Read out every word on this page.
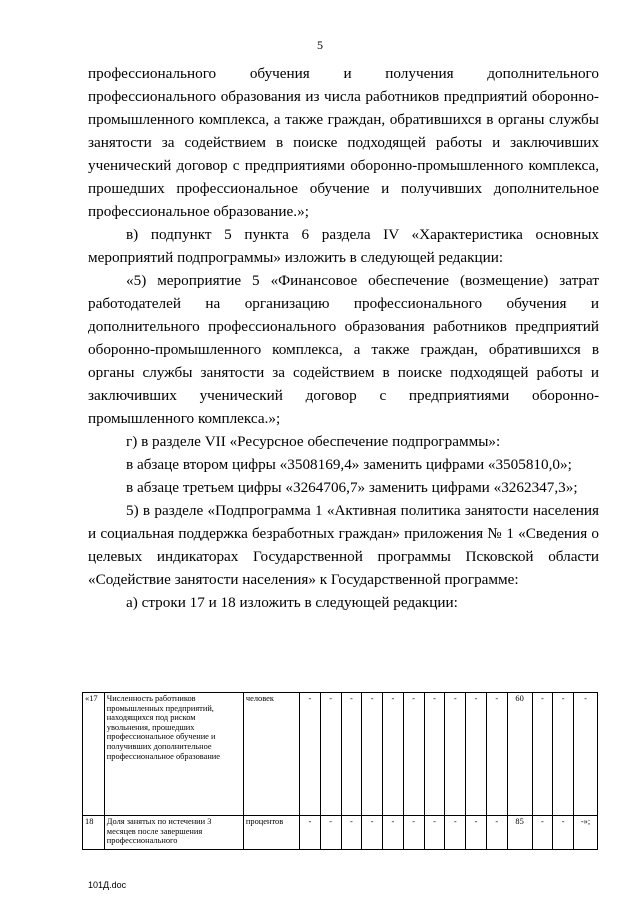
5

профессионального обучения и получения дополнительного профессионального образования из числа работников предприятий оборонно-промышленного комплекса, а также граждан, обратившихся в органы службы занятости за содействием в поиске подходящей работы и заключивших ученический договор с предприятиями оборонно-промышленного комплекса, прошедших профессиональное обучение и получивших дополнительное профессиональное образование.»;

в) подпункт 5 пункта 6 раздела IV «Характеристика основных мероприятий подпрограммы» изложить в следующей редакции:

«5) мероприятие 5 «Финансовое обеспечение (возмещение) затрат работодателей на организацию профессионального обучения и дополнительного профессионального образования работников предприятий оборонно-промышленного комплекса, а также граждан, обратившихся в органы службы занятости за содействием в поиске подходящей работы и заключивших ученический договор с предприятиями оборонно-промышленного комплекса.»;

г) в разделе VII «Ресурсное обеспечение подпрограммы»:

в абзаце втором цифры «3508169,4» заменить цифрами «3505810,0»;

в абзаце третьем цифры «3264706,7» заменить цифрами «3262347,3»;

5) в разделе «Подпрограмма 1 «Активная политика занятости населения и социальная поддержка безработных граждан» приложения № 1 «Сведения о целевых индикаторах Государственной программы Псковской области «Содействие занятости населения» к Государственной программе:

а) строки 17 и 18 изложить в следующей редакции:

«17	Численность работников промышленных предприятий, находящихся под риском увольнения, прошедших профессиональное обучение и получивших дополнительное профессиональное образование	человек	-	-	-	-	-	-	-	-	-	-	60	-	-	-
18	Доля занятых по истечении 3 месяцев после завершения профессионального	процентов	-	-	-	-	-	-	-	-	-	-	85	-	-	-»;
101Д.doc
